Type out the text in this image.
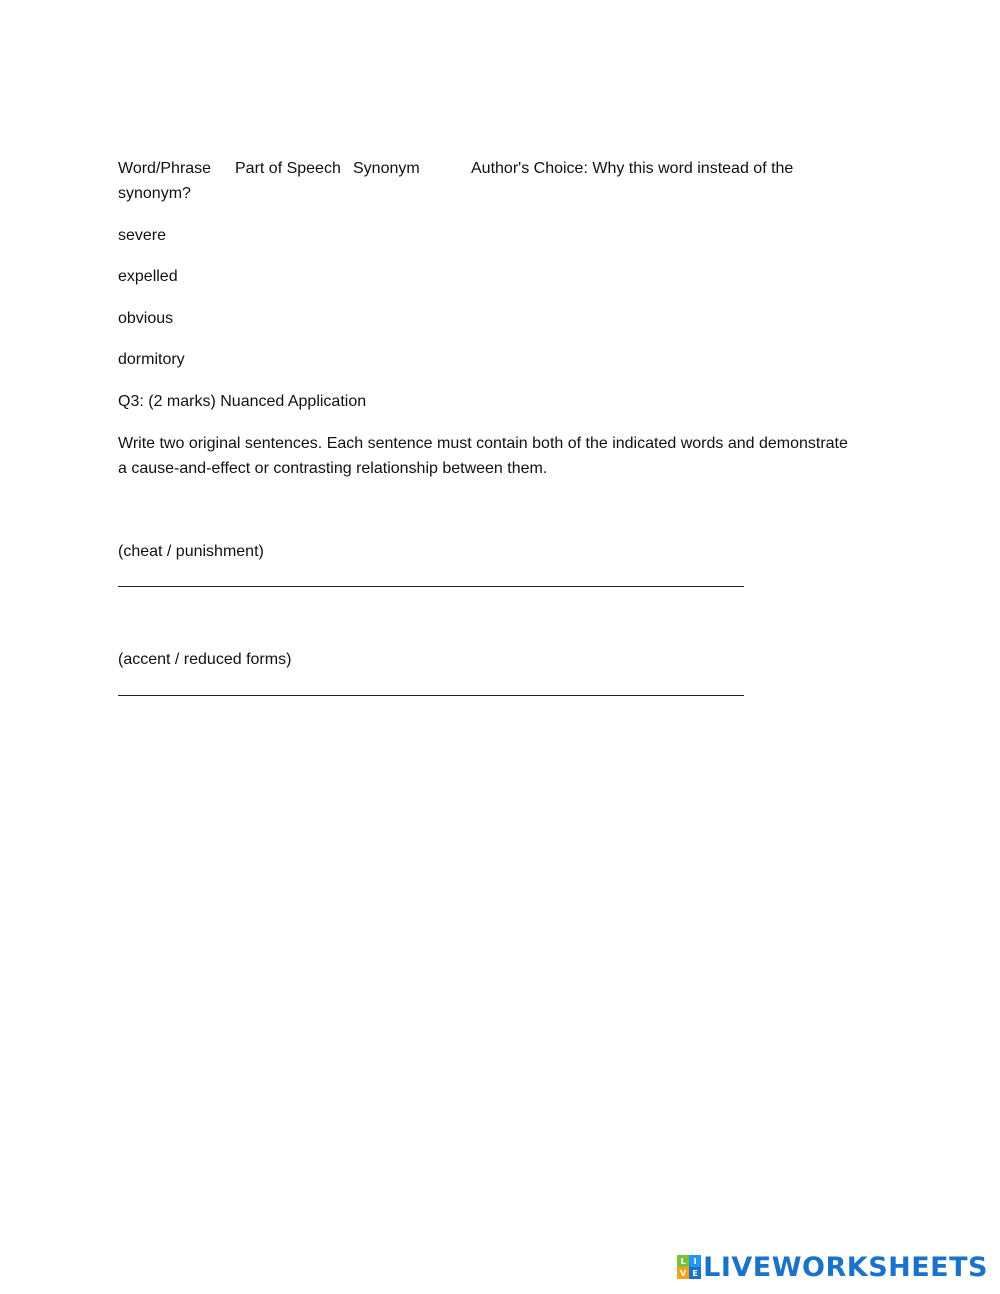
Word/Phrase Part of Speech Synonym	Author's Choice: Why this word instead of the
synonym?
severe
expelled
obvious
dormitory
Q3: (2 marks) Nuanced Application
Write two original sentences. Each sentence must contain both of the indicated words and demonstrate
a cause-and-effect or contrasting relationship between them.
(cheat / punishment)
(accent / reduced forms)
L I
V E LIVEWORKSHEETS
